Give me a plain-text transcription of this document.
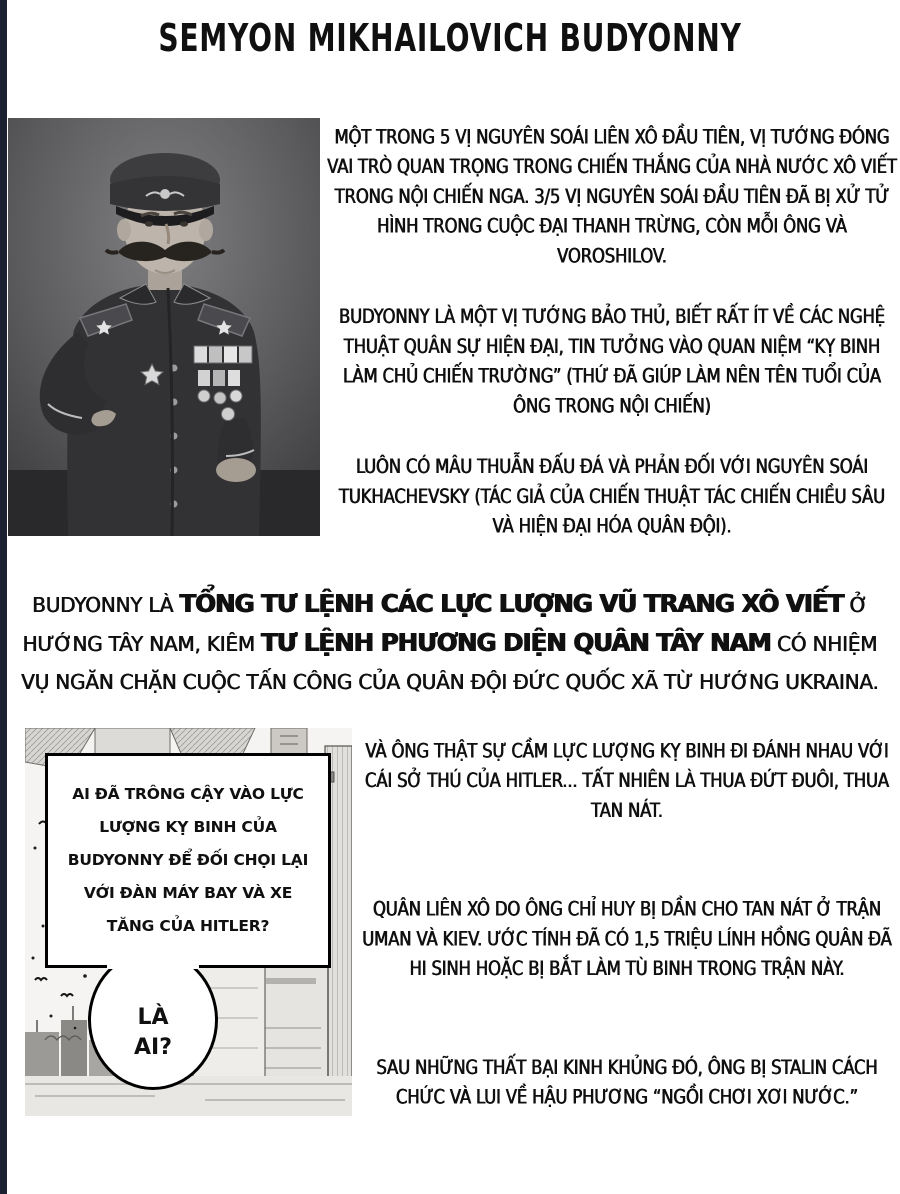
SEMYON MIKHAILOVICH BUDYONNY

MỘT TRONG 5 VỊ NGUYÊN SOÁI LIÊN XÔ ĐẦU TIÊN, VỊ TƯỚNG ĐÓNG VAI TRÒ QUAN TRỌNG TRONG CHIẾN THẮNG CỦA NHÀ NƯỚC XÔ VIẾT TRONG NỘI CHIẾN NGA. 3/5 VỊ NGUYÊN SOÁI ĐẦU TIÊN ĐÃ BỊ XỬ TỬ HÌNH TRONG CUỘC ĐẠI THANH TRỪNG, CÒN MỖI ÔNG VÀ VOROSHILOV.

BUDYONNY LÀ MỘT VỊ TƯỚNG BẢO THỦ, BIẾT RẤT ÍT VỀ CÁC NGHỆ THUẬT QUÂN SỰ HIỆN ĐẠI, TIN TƯỞNG VÀO QUAN NIỆM “KỴ BINH LÀM CHỦ CHIẾN TRƯỜNG” (THỨ ĐÃ GIÚP LÀM NÊN TÊN TUỔI CỦA ÔNG TRONG NỘI CHIẾN)

LUÔN CÓ MÂU THUẪN ĐẤU ĐÁ VÀ PHẢN ĐỐI VỚI NGUYÊN SOÁI TUKHACHEVSKY (TÁC GIẢ CỦA CHIẾN THUẬT TÁC CHIẾN CHIỀU SÂU VÀ HIỆN ĐẠI HÓA QUÂN ĐỘI).

BUDYONNY LÀ TỔNG TƯ LỆNH CÁC LỰC LƯỢNG VŨ TRANG XÔ VIẾT Ở HƯỚNG TÂY NAM, KIÊM TƯ LỆNH PHƯƠNG DIỆN QUÂN TÂY NAM CÓ NHIỆM VỤ NGĂN CHẶN CUỘC TẤN CÔNG CỦA QUÂN ĐỘI ĐỨC QUỐC XÃ TỪ HƯỚNG UKRAINA.

AI ĐÃ TRÔNG CẬY VÀO LỰC LƯỢNG KỴ BINH CỦA BUDYONNY ĐỂ ĐỐI CHỌI LẠI VỚI ĐÀN MÁY BAY VÀ XE TĂNG CỦA HITLER?

LÀ
AI?

VÀ ÔNG THẬT SỰ CẦM LỰC LƯỢNG KỴ BINH ĐI ĐÁNH NHAU VỚI CÁI SỞ THÚ CỦA HITLER... TẤT NHIÊN LÀ THUA ĐỨT ĐUÔI, THUA TAN NÁT.

QUÂN LIÊN XÔ DO ÔNG CHỈ HUY BỊ DẦN CHO TAN NÁT Ở TRẬN UMAN VÀ KIEV. ƯỚC TÍNH ĐÃ CÓ 1,5 TRIỆU LÍNH HỒNG QUÂN ĐÃ HI SINH HOẶC BỊ BẮT LÀM TÙ BINH TRONG TRẬN NÀY.

SAU NHỮNG THẤT BẠI KINH KHỦNG ĐÓ, ÔNG BỊ STALIN CÁCH CHỨC VÀ LUI VỀ HẬU PHƯƠNG “NGỒI CHƠI XƠI NƯỚC.”
